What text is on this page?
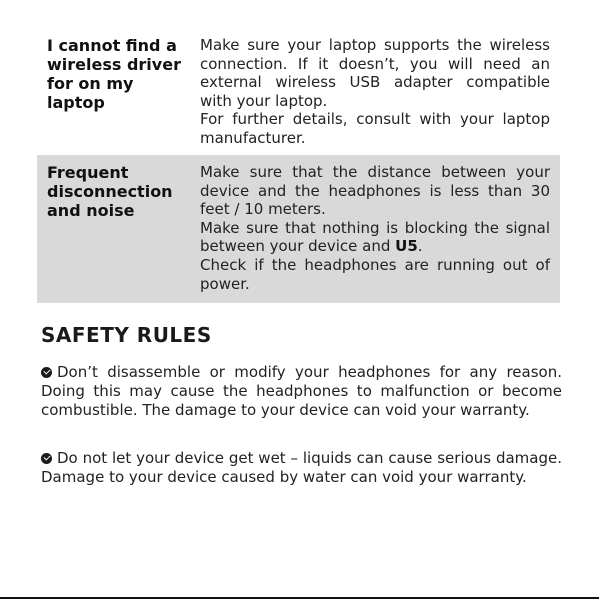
I cannot find a wireless driver for on my laptop

Make sure your laptop supports the wireless connection. If it doesn’t, you will need an external wireless USB adapter compatible with your laptop.

For further details, consult with your laptop manufacturer.

Frequent disconnection and noise

Make sure that the distance between your device and the headphones is less than 30 feet / 10 meters.

Make sure that nothing is blocking the signal between your device and U5.

Check if the headphones are running out of power.

SAFETY RULES

Don’t disassemble or modify your headphones for any reason. Doing this may cause the headphones to malfunction or become combustible. The damage to your device can void your warranty.

Do not let your device get wet – liquids can cause serious damage. Damage to your device caused by water can void your warranty.
